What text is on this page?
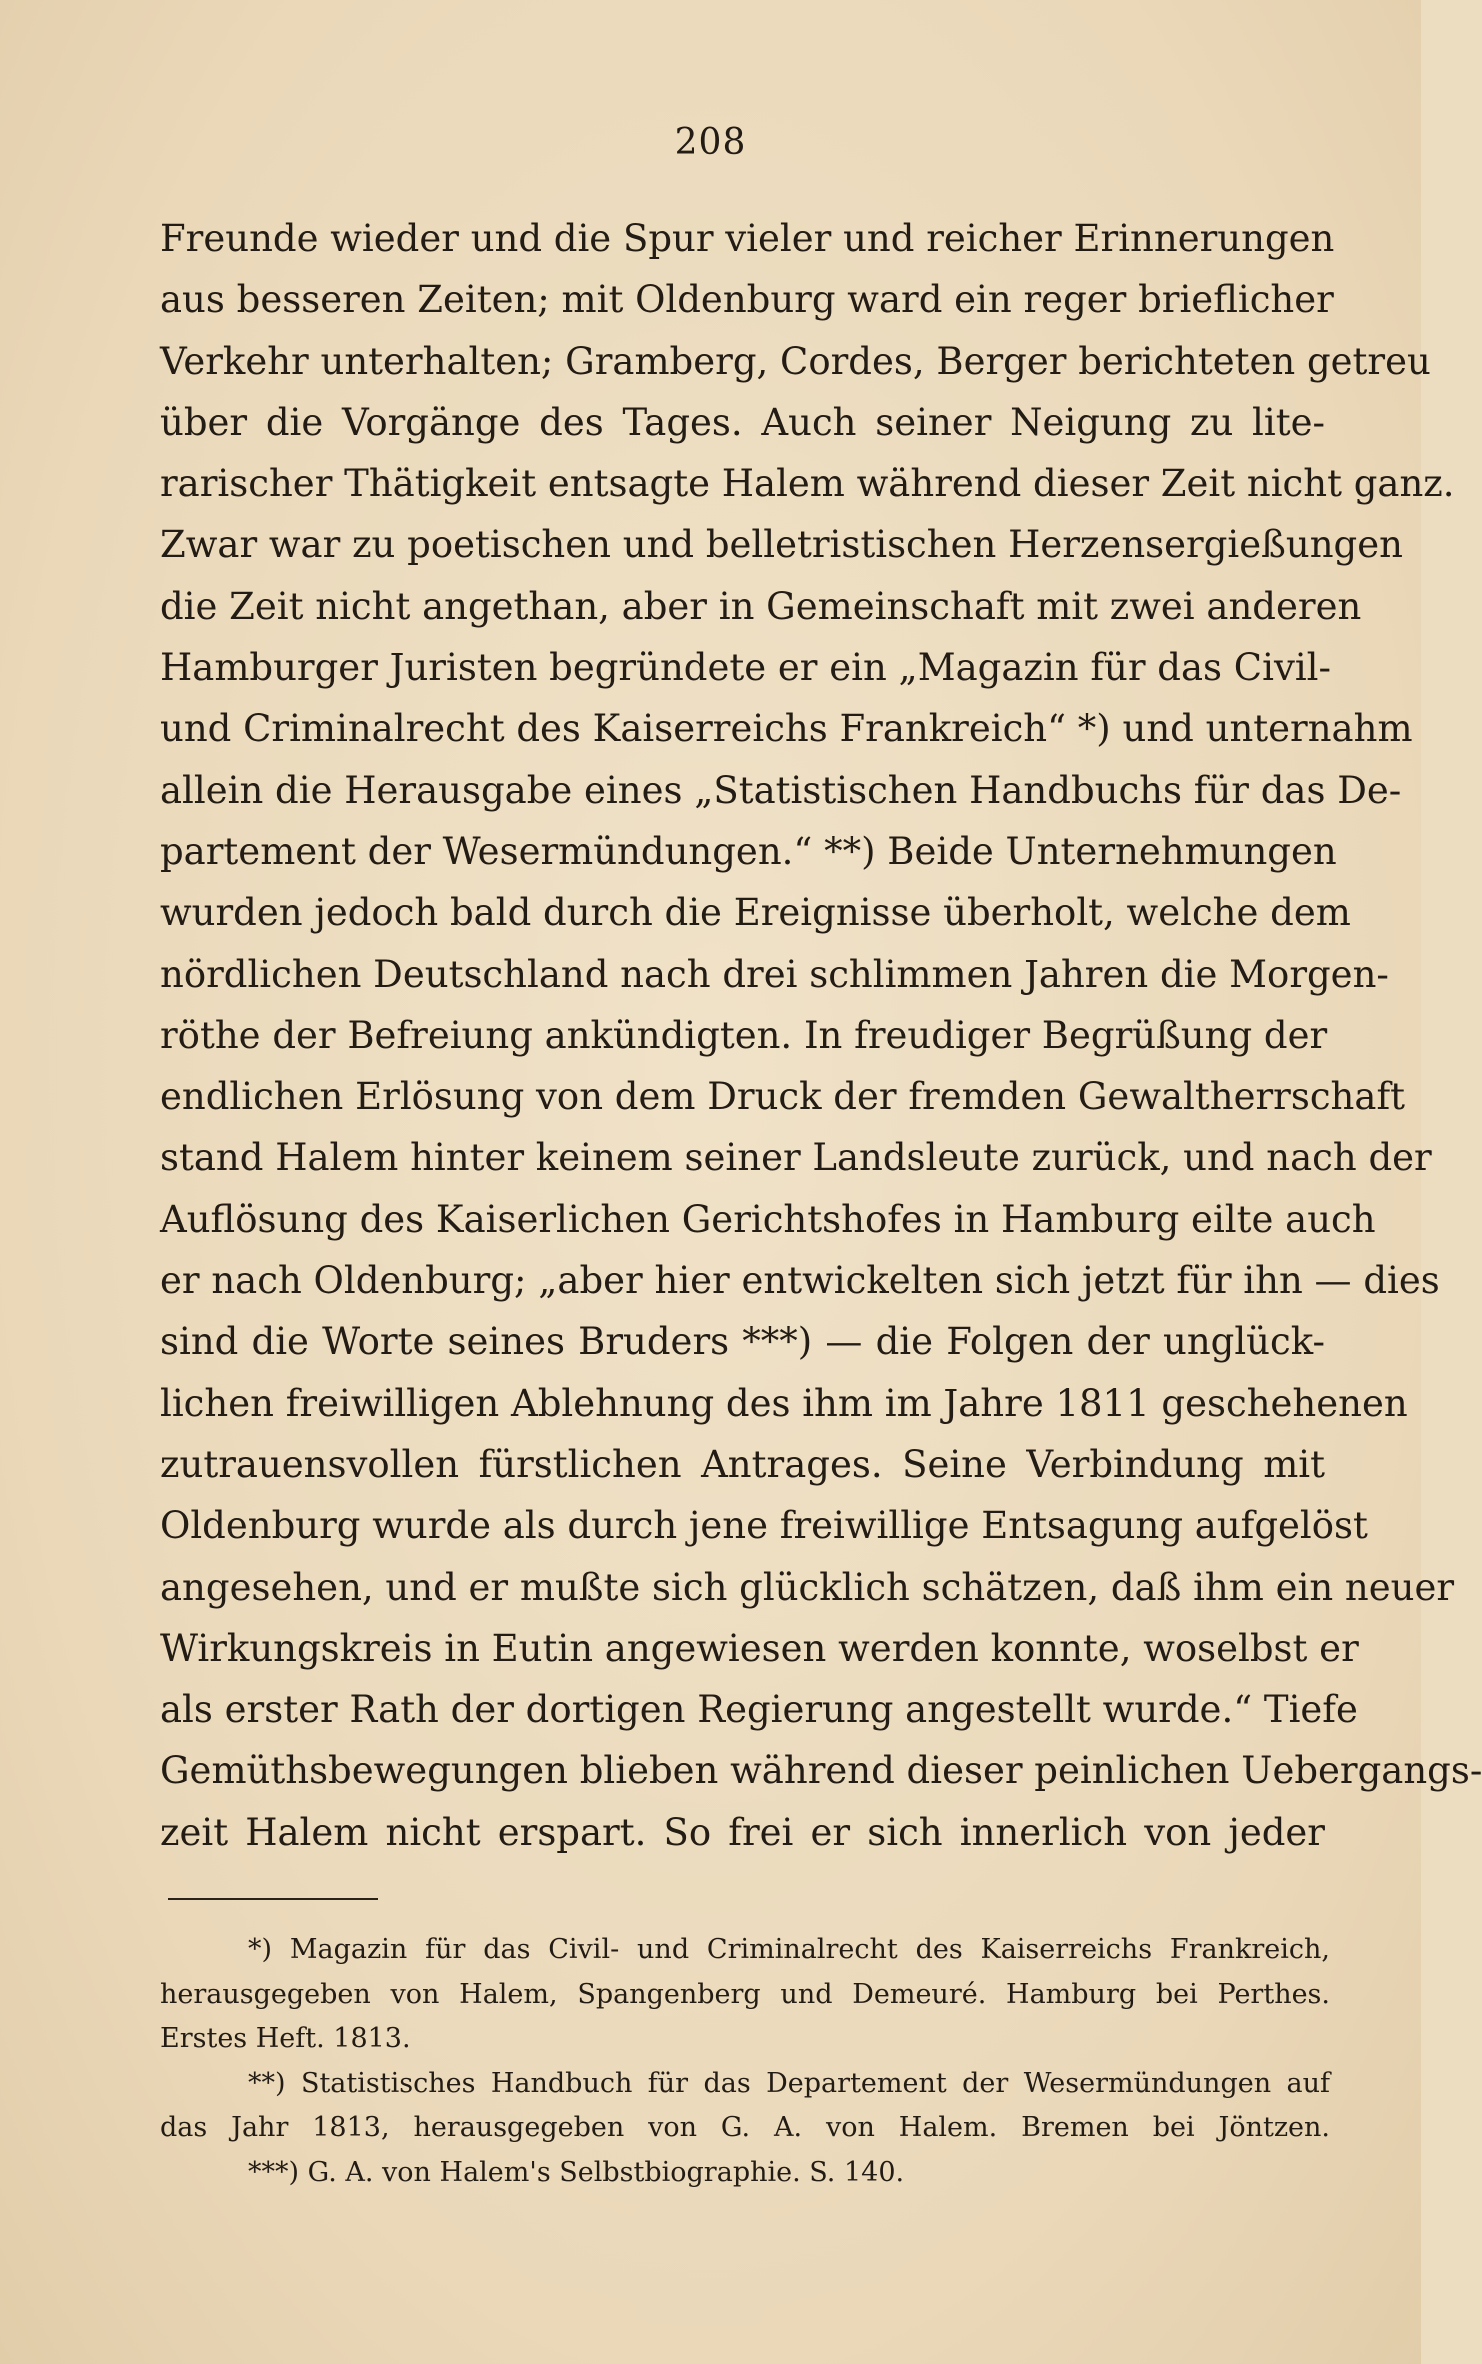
208
Freunde wieder und die Spur vieler und reicher Erinnerungen
aus besseren Zeiten; mit Oldenburg ward ein reger brieflicher
Verkehr unterhalten; Gramberg, Cordes, Berger berichteten getreu
über die Vorgänge des Tages. Auch seiner Neigung zu lite-
rarischer Thätigkeit entsagte Halem während dieser Zeit nicht ganz.
Zwar war zu poetischen und belletristischen Herzensergießungen
die Zeit nicht angethan, aber in Gemeinschaft mit zwei anderen
Hamburger Juristen begründete er ein „Magazin für das Civil-
und Criminalrecht des Kaiserreichs Frankreich“ *) und unternahm
allein die Herausgabe eines „Statistischen Handbuchs für das De-
partement der Wesermündungen.“ **) Beide Unternehmungen
wurden jedoch bald durch die Ereignisse überholt, welche dem
nördlichen Deutschland nach drei schlimmen Jahren die Morgen-
röthe der Befreiung ankündigten. In freudiger Begrüßung der
endlichen Erlösung von dem Druck der fremden Gewaltherrschaft
stand Halem hinter keinem seiner Landsleute zurück, und nach der
Auflösung des Kaiserlichen Gerichtshofes in Hamburg eilte auch
er nach Oldenburg; „aber hier entwickelten sich jetzt für ihn — dies
sind die Worte seines Bruders ***) — die Folgen der unglück-
lichen freiwilligen Ablehnung des ihm im Jahre 1811 geschehenen
zutrauensvollen fürstlichen Antrages. Seine Verbindung mit
Oldenburg wurde als durch jene freiwillige Entsagung aufgelöst
angesehen, und er mußte sich glücklich schätzen, daß ihm ein neuer
Wirkungskreis in Eutin angewiesen werden konnte, woselbst er
als erster Rath der dortigen Regierung angestellt wurde.“ Tiefe
Gemüthsbewegungen blieben während dieser peinlichen Uebergangs-
zeit Halem nicht erspart. So frei er sich innerlich von jeder
*) Magazin für das Civil- und Criminalrecht des Kaiserreichs Frankreich,
herausgegeben von Halem, Spangenberg und Demeuré. Hamburg bei Perthes.
Erstes Heft. 1813.
**) Statistisches Handbuch für das Departement der Wesermündungen auf
das Jahr 1813, herausgegeben von G. A. von Halem. Bremen bei Jöntzen.
***) G. A. von Halem's Selbstbiographie. S. 140.
